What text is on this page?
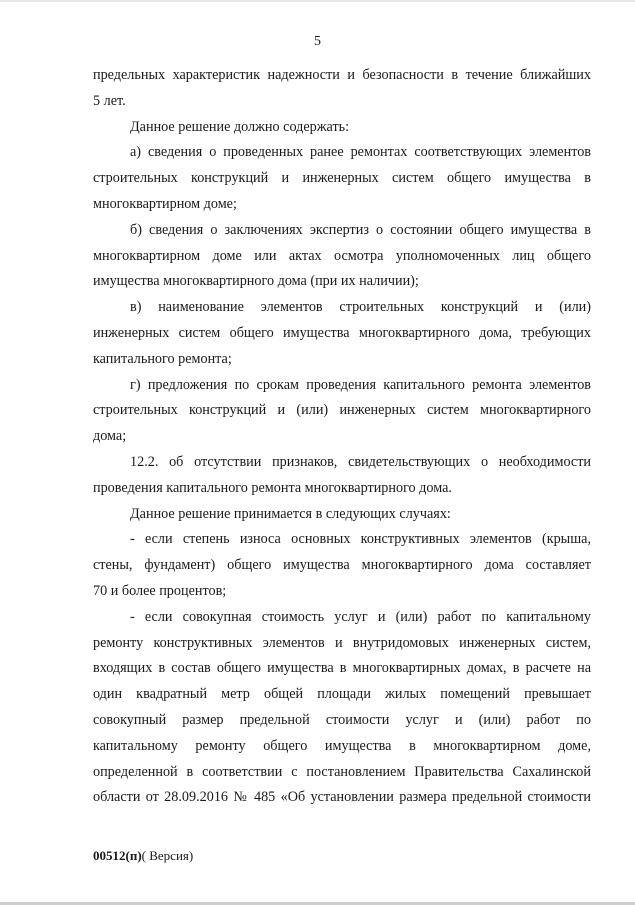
5
предельных характеристик надежности и безопасности в течение ближайших
5 лет.
Данное решение должно содержать:
а) сведения о проведенных ранее ремонтах соответствующих элементов
строительных конструкций и инженерных систем общего имущества в
многоквартирном доме;
б) сведения о заключениях экспертиз о состоянии общего имущества в
многоквартирном доме или актах осмотра уполномоченных лиц общего
имущества многоквартирного дома (при их наличии);
в) наименование элементов строительных конструкций и (или)
инженерных систем общего имущества многоквартирного дома, требующих
капитального ремонта;
г) предложения по срокам проведения капитального ремонта элементов
строительных конструкций и (или) инженерных систем многоквартирного
дома;
12.2. об отсутствии признаков, свидетельствующих о необходимости
проведения капитального ремонта многоквартирного дома.
Данное решение принимается в следующих случаях:
- если степень износа основных конструктивных элементов (крыша,
стены, фундамент) общего имущества многоквартирного дома составляет
70 и более процентов;
- если совокупная стоимость услуг и (или) работ по капитальному
ремонту конструктивных элементов и внутридомовых инженерных систем,
входящих в состав общего имущества в многоквартирных домах, в расчете на
один квадратный метр общей площади жилых помещений превышает
совокупный размер предельной стоимости услуг и (или) работ по
капитальному ремонту общего имущества в многоквартирном доме,
определенной в соответствии с постановлением Правительства Сахалинской
области от 28.09.2016 № 485 «Об установлении размера предельной стоимости
00512(п)( Версия)
